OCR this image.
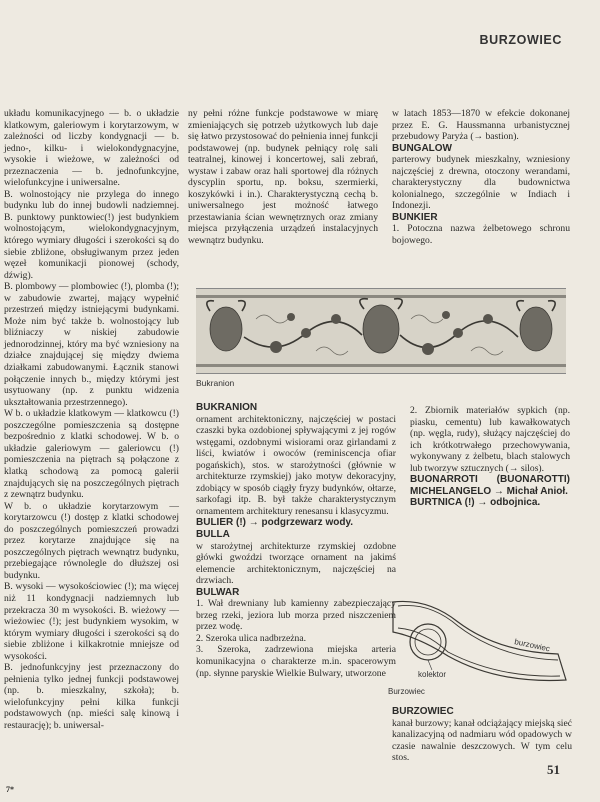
BURZOWIEC

układu komunikacyjnego — b. o układzie klatkowym, galeriowym i korytarzowym, w zależności od liczby kondygnacji — b. jedno-, kilku- i wielokondygnacyjne, wysokie i wieżowe, w zależności od przeznaczenia — b. jednofunkcyjne, wielofunkcyjne i uniwersalne.

B. wolnostojący nie przylega do innego budynku lub do innej budowli nadziemnej. B. punktowy punktowiec(!) jest budynkiem wolnostojącym, wielokondygnacyjnym, którego wymiary długości i szerokości są do siebie zbliżone, obsługiwanym przez jeden węzeł komunikacji pionowej (schody, dźwig).

B. plombowy — plombowiec (!), plomba (!); w zabudowie zwartej, mający wypełnić przestrzeń między istniejącymi budynkami. Może nim być także b. wolnostojący lub bliźniaczy w niskiej zabudowie jednorodzinnej, który ma być wzniesiony na działce znajdującej się między dwiema działkami zabudowanymi. Łącznik stanowi połączenie innych b., między którymi jest usytuowany (np. z punktu widzenia ukształtowania przestrzennego).

W b. o układzie klatkowym — klatkowcu (!) poszczególne pomieszczenia są dostępne bezpośrednio z klatki schodowej. W b. o układzie galeriowym — galeriowcu (!) pomieszczenia na piętrach są połączone z klatką schodową za pomocą galerii znajdujących się na poszczególnych piętrach z zewnątrz budynku.

W b. o układzie korytarzowym — korytarzowcu (!) dostęp z klatki schodowej do poszczególnych pomieszczeń prowadzi przez korytarze znajdujące się na poszczególnych piętrach wewnątrz budynku, przebiegające równolegle do dłuższej osi budynku.

B. wysoki — wysokościowiec (!); ma więcej niż 11 kondygnacji nadziemnych lub przekracza 30 m wysokości. B. wieżowy — wieżowiec (!); jest budynkiem wysokim, w którym wymiary długości i szerokości są do siebie zbliżone i kilkakrotnie mniejsze od wysokości.

B. jednofunkcyjny jest przeznaczony do pełnienia tylko jednej funkcji podstawowej (np. b. mieszkalny, szkoła); b. wielofunkcyjny pełni kilka funkcji podstawowych (np. mieści salę kinową i restaurację); b. uniwersal-

ny pełni różne funkcje podstawowe w miarę zmieniających się potrzeb użytkowych lub daje się łatwo przystosować do pełnienia innej funkcji podstawowej (np. budynek pełniący rolę sali teatralnej, kinowej i koncertowej, sali zebrań, wystaw i zabaw oraz hali sportowej dla różnych dyscyplin sportu, np. boksu, szermierki, koszykówki i in.). Charakterystyczną cechą b. uniwersalnego jest możność łatwego przestawiania ścian wewnętrznych oraz zmiany miejsca przyłączenia urządzeń instalacyjnych wewnątrz budynku.

w latach 1853—1870 w efekcie dokonanej przez E. G. Haussmanna urbanistycznej przebudowy Paryża (→ bastion).

BUNGALOW

parterowy budynek mieszkalny, wzniesiony najczęściej z drewna, otoczony werandami, charakterystyczny dla budownictwa kolonialnego, szczególnie w Indiach i Indonezji.

BUNKIER

1. Potoczna nazwa żelbetowego schronu bojowego.

Bukranion

BUKRANION

ornament architektoniczny, najczęściej w postaci czaszki byka ozdobionej spływającymi z jej rogów wstęgami, ozdobnymi wisiorami oraz girlandami z liści, kwiatów i owoców (reminiscencja ofiar pogańskich), stos. w starożytności (głównie w architekturze rzymskiej) jako motyw dekoracyjny, zdobiący w sposób ciągły fryzy budynków, ołtarze, sarkofagi itp. B. był także charakterystycznym ornamentem architektury renesansu i klasycyzmu.

BULIER (!) → podgrzewarz wody.

BULLA

w starożytnej architekturze rzymskiej ozdobne główki gwoździ tworzące ornament na jakimś elemencie architektonicznym, najczęściej na drzwiach.

BULWAR

1. Wał drewniany lub kamienny zabezpieczający brzeg rzeki, jeziora lub morza przed niszczeniem przez wodę.

2. Szeroka ulica nadbrzeżna.

3. Szeroka, zadrzewiona miejska arteria komunikacyjna o charakterze m.in. spacerowym (np. słynne paryskie Wielkie Bulwary, utworzone

2. Zbiornik materiałów sypkich (np. piasku, cementu) lub kawałkowatych (np. węgla, rudy), służący najczęściej do ich krótkotrwałego przechowywania, wykonywany z żelbetu, blach stalowych lub tworzyw sztucznych (→ silos).

BUONARROTI (BUONAROTTI) MICHELANGELO → Michał Anioł.

BURTNICA (!) → odbojnica.

burzowiec
kolektor
Burzowiec

BURZOWIEC

kanał burzowy; kanał odciążający miejską sieć kanalizacyjną od nadmiaru wód opadowych w czasie nawalnie deszczowych. W tym celu stos.

7*
51
